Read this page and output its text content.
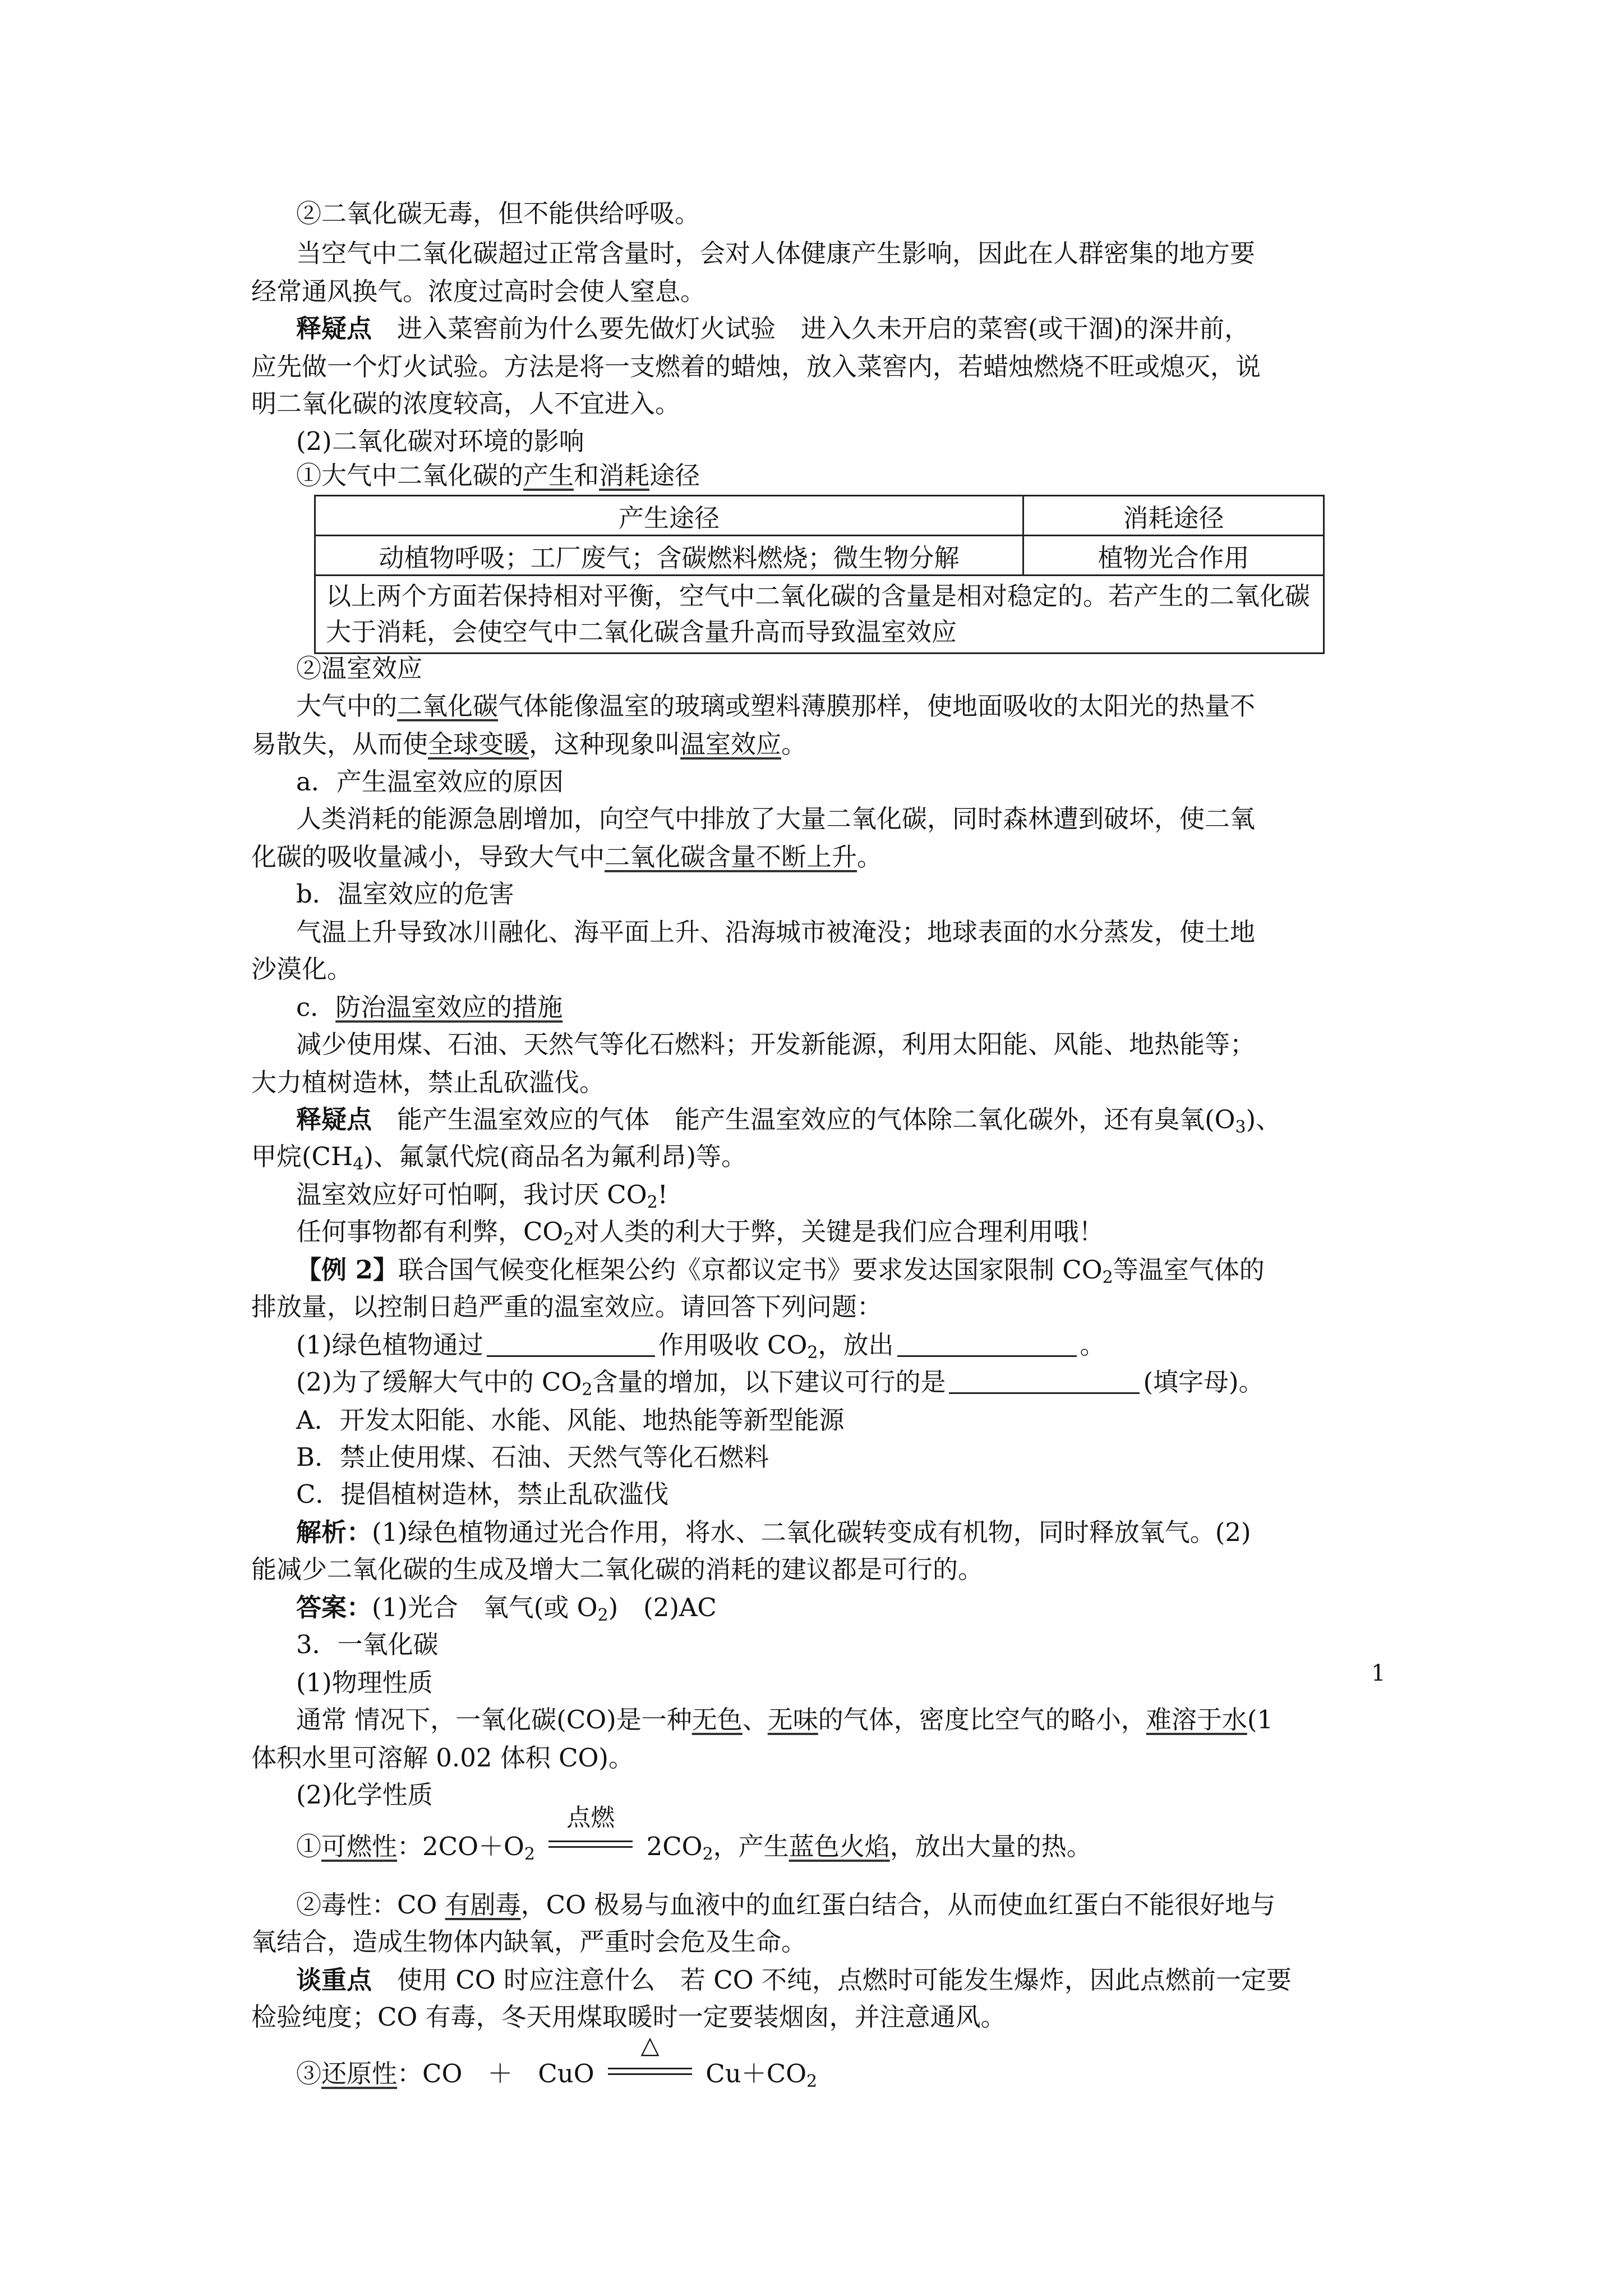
②二氧化碳无毒，但不能供给呼吸。
当空气中二氧化碳超过正常含量时，会对人体健康产生影响，因此在人群密集的地方要
经常通风换气。浓度过高时会使人窒息。
释疑点　 进入菜窖前为什么要先做灯火试验　 进入久未开启的菜窖(或干涸)的深井前，
应先做一个灯火试验。方法是将一支燃着的蜡烛，放入菜窖内，若蜡烛燃烧不旺或熄灭，说
明二氧化碳的浓度较高，人不宜进入。
(2)二氧化碳对环境的影响
①大气中二氧化碳的产生和消耗途径
产生途径	消耗途径
动植物呼吸；工厂废气；含碳燃料燃烧；微生物分解	植物光合作用
以上两个方面若保持相对平衡，空气中二氧化碳的含量是相对稳定的。若产生的二氧化碳大于消耗，会使空气中二氧化碳含量升高而导致温室效应	
②温室效应
大气中的二氧化碳气体能像温室的玻璃或塑料薄膜那样，使地面吸收的太阳光的热量不
易散失，从而使全球变暖，这种现象叫温室效应。
a．产生温室效应的原因
人类消耗的能源急剧增加，向空气中排放了大量二氧化碳，同时森林遭到破坏，使二氧
化碳的吸收量减小，导致大气中二氧化碳含量不断上升。
b．温室效应的危害
气温上升导致冰川融化、海平面上升、沿海城市被淹没；地球表面的水分蒸发，使土地
沙漠化。
c．防治温室效应的措施
减少使用煤、石油、天然气等化石燃料；开发新能源，利用太阳能、风能、地热能等；
大力植树造林，禁止乱砍滥伐。
释疑点　 能产生温室效应的气体　 能产生温室效应的气体除二氧化碳外，还有臭氧$(O_3)$、
甲烷$(CH_4)$、氟氯代烷(商品名为氟利昂)等。
温室效应好可怕啊，我讨厌 $CO_2$!
任何事物都有利弊，$CO_2$对人类的利大于弊，关键是我们应合理利用哦！
【例 2】联合国气候变化框架公约《京都议定书》要求发达国家限制 $CO_2$等温室气体的
排放量，以控制日趋严重的温室效应。请回答下列问题：
(1)绿色植物通过	作用吸收 $CO_2$，放出	。
(2)为了缓解大气中的 $CO_2$含量的增加，以下建议可行的是	(填字母)。
A．开发太阳能、水能、风能、地热能等新型能源
B．禁止使用煤、石油、天然气等化石燃料
C．提倡植树造林，禁止乱砍滥伐
解析：(1)绿色植物通过光合作用，将水、二氧化碳转变成有机物，同时释放氧气。(2)
能减少二氧化碳的生成及增大二氧化碳的消耗的建议都是可行的。
答案：(1)光合　氧气(或 $O_2$)　(2)AC
3．一氧化碳
(1)物理性质
通常 情况下，一氧化碳(CO)是一种无色、无味的气体，密度比空气的略小，难溶于水(1
体积水里可溶解 0.02 体积 CO)。
(2)化学性质
①可燃性：$2CO+O_2$
点燃
$2CO_2$，产生蓝色火焰，放出大量的热。
②毒性：CO 有剧毒，CO 极易与血液中的血红蛋白结合，从而使血红蛋白不能很好地与
氧结合，造成生物体内缺氧，严重时会危及生命。
谈重点　 使用 CO 时应注意什么　 若 CO 不纯，点燃时可能发生爆炸，因此点燃前一定要
检验纯度；CO 有毒，冬天用煤取暖时一定要装烟囱，并注意通风。
③还原性：CO　＋　CuO
△
$Cu+CO_2$
1
